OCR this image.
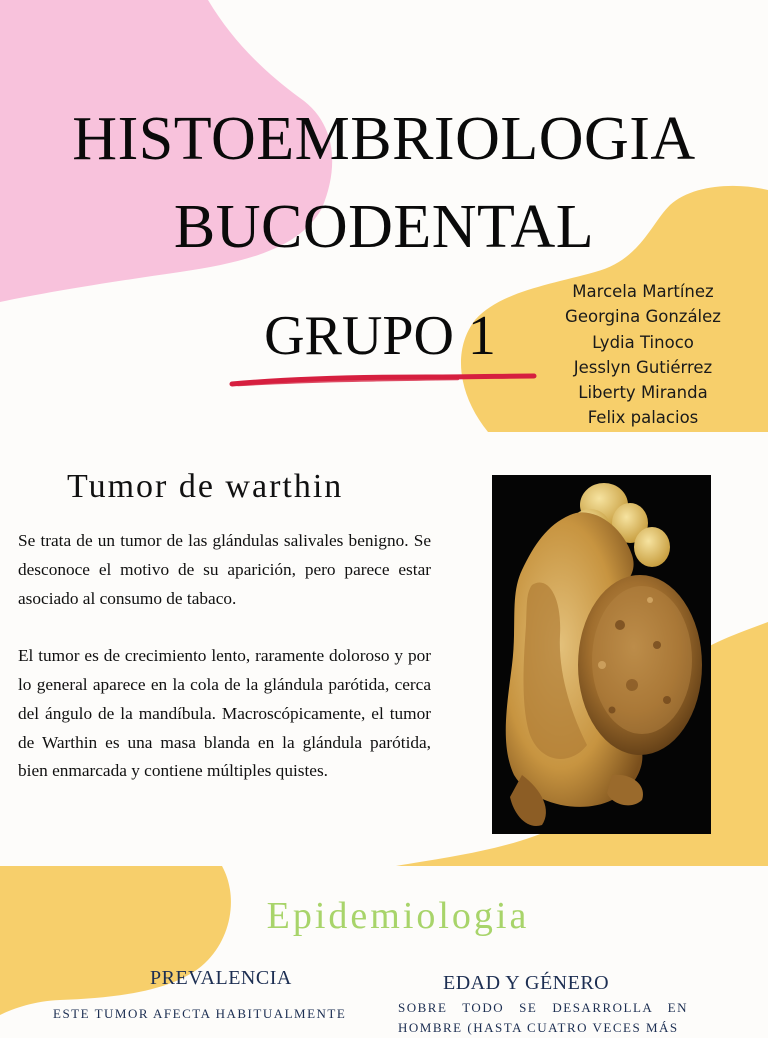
HISTOEMBRIOLOGIA
BUCODENTAL
GRUPO 1
Marcela Martínez
Georgina González
Lydia Tinoco
Jesslyn Gutiérrez
Liberty Miranda
Felix palacios
Tumor de warthin

Se trata de un tumor de las glándulas salivales benigno. Se desconoce el motivo de su aparición, pero parece estar asociado al consumo de tabaco.

El tumor es de crecimiento lento, raramente doloroso y por lo general aparece en la cola de la glándula parótida, cerca del ángulo de la mandíbula. Macroscópicamente, el tumor de Warthin es una masa blanda en la glándula parótida, bien enmarcada y contiene múltiples quistes.

Epidemiologia
PREVALENCIA
ESTE TUMOR AFECTA HABITUALMENTE
EDAD Y GÉNERO
SOBRE TODO SE DESARROLLA EN HOMBRE (HASTA CUATRO VECES MÁS
